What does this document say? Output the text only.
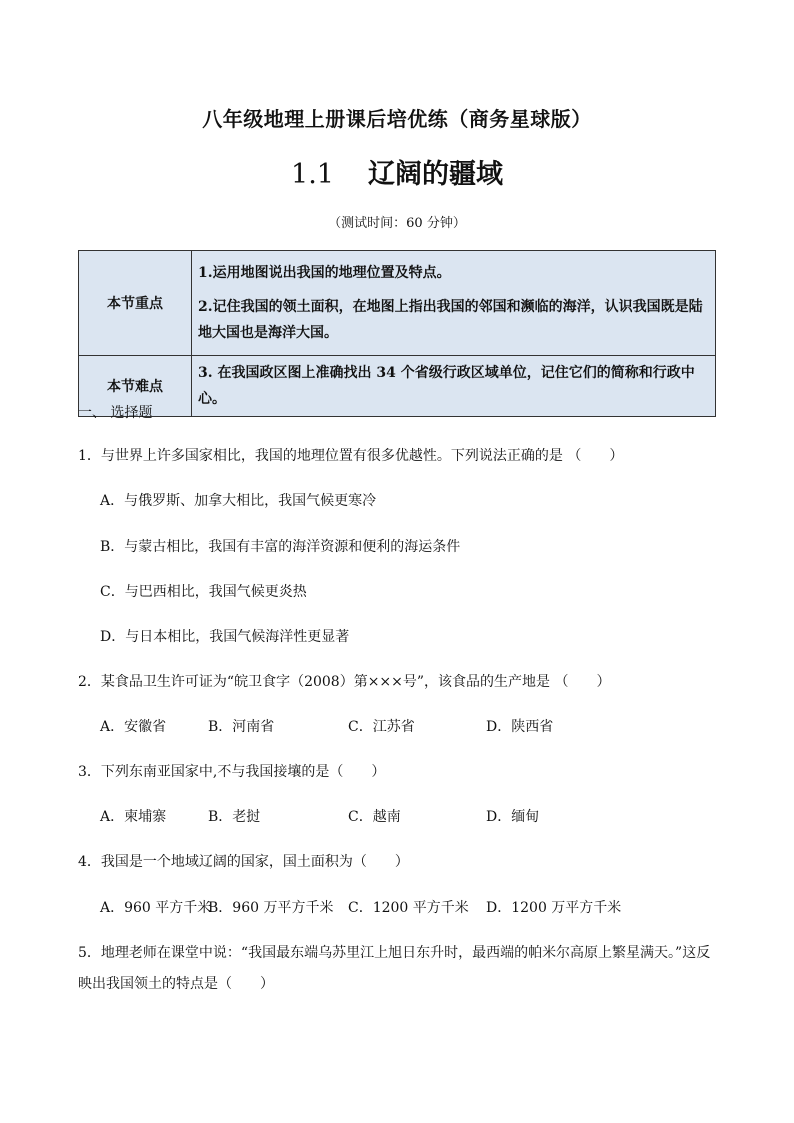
八年级地理上册课后培优练（商务星球版）
1.1 辽阔的疆域
（测试时间：60 分钟）
本节重点	1.运用地图说出我国的地理位置及特点。

2.记住我国的领土面积，在地图上指出我国的邻国和濒临的海洋，认识我国既是陆地大国也是海洋大国。

本节难点	3. 在我国政区图上准确找出 34 个省级行政区域单位，记住它们的简称和行政中心。

一、 选择题
1．与世界上许多国家相比，我国的地理位置有很多优越性。下列说法正确的是 （　　）
A．与俄罗斯、加拿大相比，我国气候更寒冷
B．与蒙古相比，我国有丰富的海洋资源和便利的海运条件
C．与巴西相比，我国气候更炎热
D．与日本相比，我国气候海洋性更显著
2．某食品卫生许可证为“皖卫食字（2008）第×××号”，该食品的生产地是 （　　）
A．安徽省	B．河南省	C．江苏省	D．陕西省
3．下列东南亚国家中,不与我国接壤的是（　　）
A．柬埔寨	B．老挝	C．越南	D．缅甸
4．我国是一个地域辽阔的国家，国土面积为（　　）
A．960 平方千米
B．960 万平方千米 C．1200 平方千米 D．1200 万平方千米
5．地理老师在课堂中说：“我国最东端乌苏里江上旭日东升时，最西端的帕米尔高原上繁星满天。”这反映出我国领土的特点是（　　）
